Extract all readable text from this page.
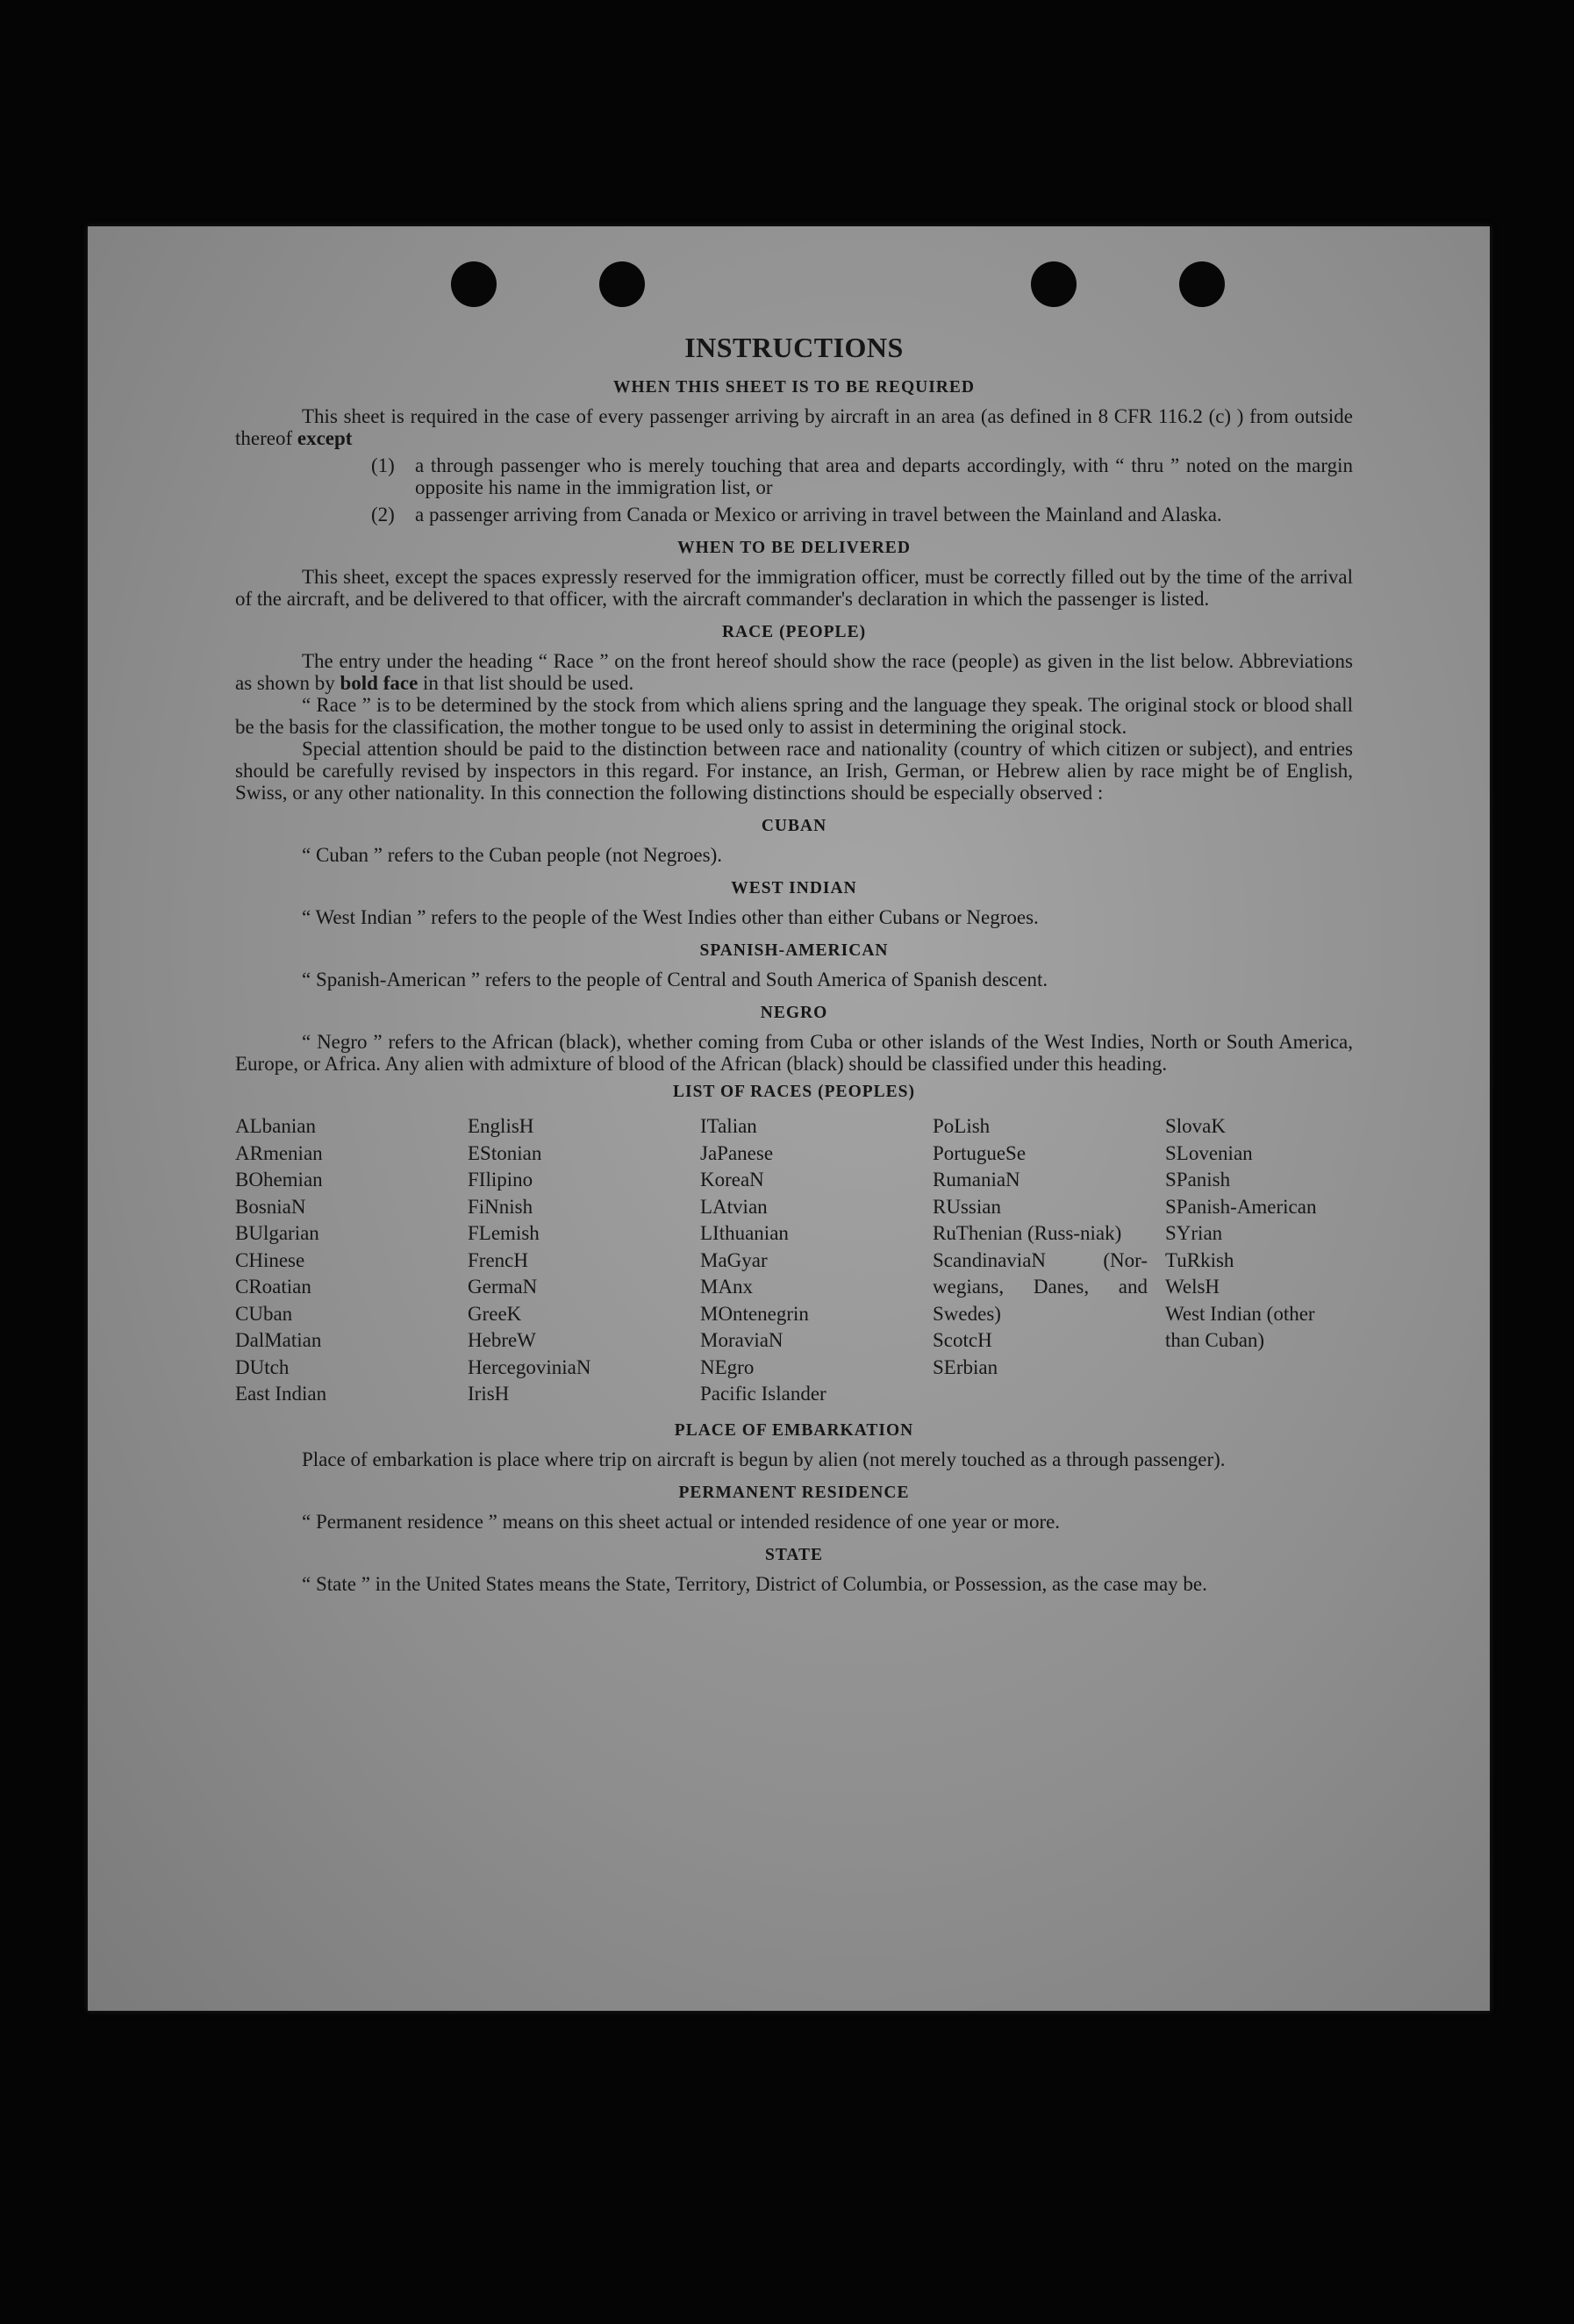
INSTRUCTIONS
WHEN THIS SHEET IS TO BE REQUIRED

This sheet is required in the case of every passenger arriving by aircraft in an area (as defined in 8 CFR 116.2 (c) ) from outside thereof except

(1)	a through passenger who is merely touching that area and departs accordingly, with “ thru ” noted on the margin opposite his name in the immigration list, or
(2)	a passenger arriving from Canada or Mexico or arriving in travel between the Mainland and Alaska.
WHEN TO BE DELIVERED

This sheet, except the spaces expressly reserved for the immigration officer, must be correctly filled out by the time of the arrival of the aircraft, and be delivered to that officer, with the aircraft commander's declaration in which the passenger is listed.

RACE (PEOPLE)

The entry under the heading “ Race ” on the front hereof should show the race (people) as given in the list below. Abbreviations as shown by bold face in that list should be used.

“ Race ” is to be determined by the stock from which aliens spring and the language they speak. The original stock or blood shall be the basis for the classification, the mother tongue to be used only to assist in determining the original stock.

Special attention should be paid to the distinction between race and nationality (country of which citizen or subject), and entries should be carefully revised by inspectors in this regard. For instance, an Irish, German, or Hebrew alien by race might be of English, Swiss, or any other nationality. In this connection the following distinctions should be especially observed :

CUBAN

“ Cuban ” refers to the Cuban people (not Negroes).

WEST INDIAN

“ West Indian ” refers to the people of the West Indies other than either Cubans or Negroes.

SPANISH-AMERICAN

“ Spanish-American ” refers to the people of Central and South America of Spanish descent.

NEGRO

“ Negro ” refers to the African (black), whether coming from Cuba or other islands of the West Indies, North or South America, Europe, or Africa. Any alien with admixture of blood of the African (black) should be classified under this heading.

LIST OF RACES (PEOPLES)
ALbanian
ARmenian
BOhemian
BosniaN
BUlgarian
CHinese
CRoatian
CUban
DalMatian
DUtch
East Indian
EnglisH
EStonian
FIlipino
FiNnish
FLemish
FrencH
GermaN
GreeK
HebreW
HercegoviniaN
IrisH
ITalian
JaPanese
KoreaN
LAtvian
LIthuanian
MaGyar
MAnx
MOntenegrin
MoraviaN
NEgro
Pacific Islander
PoLish
PortugueSe
RumaniaN
RUssian
RuThenian (Russ-niak)
ScandinaviaN (Nor-wegians, Danes, and Swedes)
ScotcH
SErbian
SlovaK
SLovenian
SPanish
SPanish-American
SYrian
TuRkish
WelsH
West Indian (other than Cuban)
PLACE OF EMBARKATION

Place of embarkation is place where trip on aircraft is begun by alien (not merely touched as a through passenger).

PERMANENT RESIDENCE

“ Permanent residence ” means on this sheet actual or intended residence of one year or more.

STATE

“ State ” in the United States means the State, Territory, District of Columbia, or Possession, as the case may be.
